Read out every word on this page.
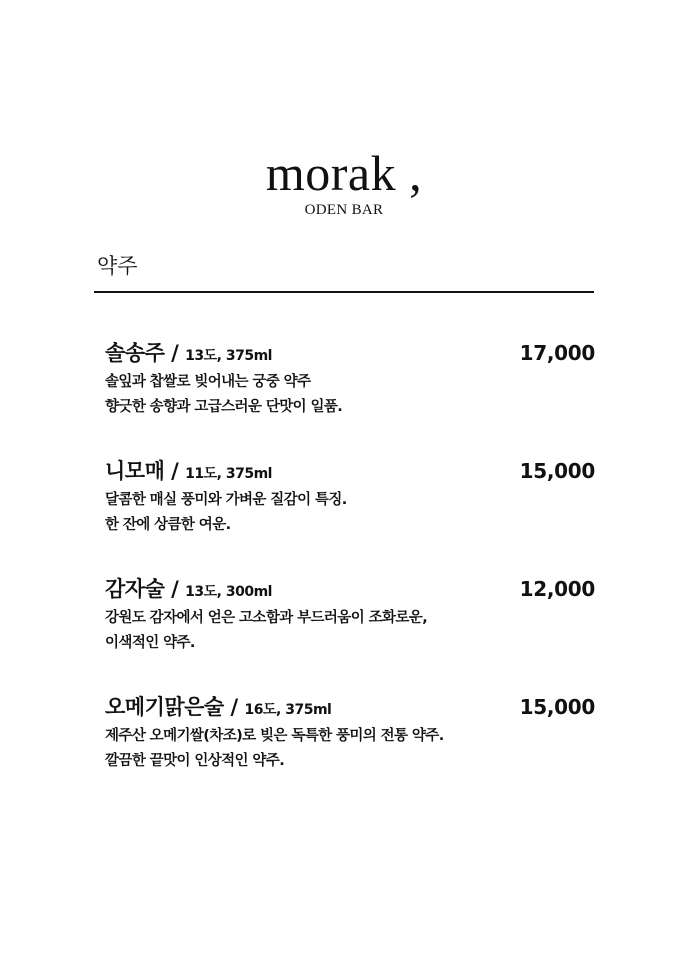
morak ,
ODEN BAR
약주
솔송주 / 13도, 375ml	17,000
솔잎과 찹쌀로 빚어내는 궁중 약주
향긋한 송향과 고급스러운 단맛이 일품.
니모매 / 11도, 375ml	15,000
달콤한 매실 풍미와 가벼운 질감이 특징.
한 잔에 상큼한 여운.
감자술 / 13도, 300ml	12,000
강원도 감자에서 얻은 고소함과 부드러움이 조화로운,
이색적인 약주.
오메기맑은술 / 16도, 375ml	15,000
제주산 오메기쌀(차조)로 빚은 독특한 풍미의 전통 약주.
깔끔한 끝맛이 인상적인 약주.
